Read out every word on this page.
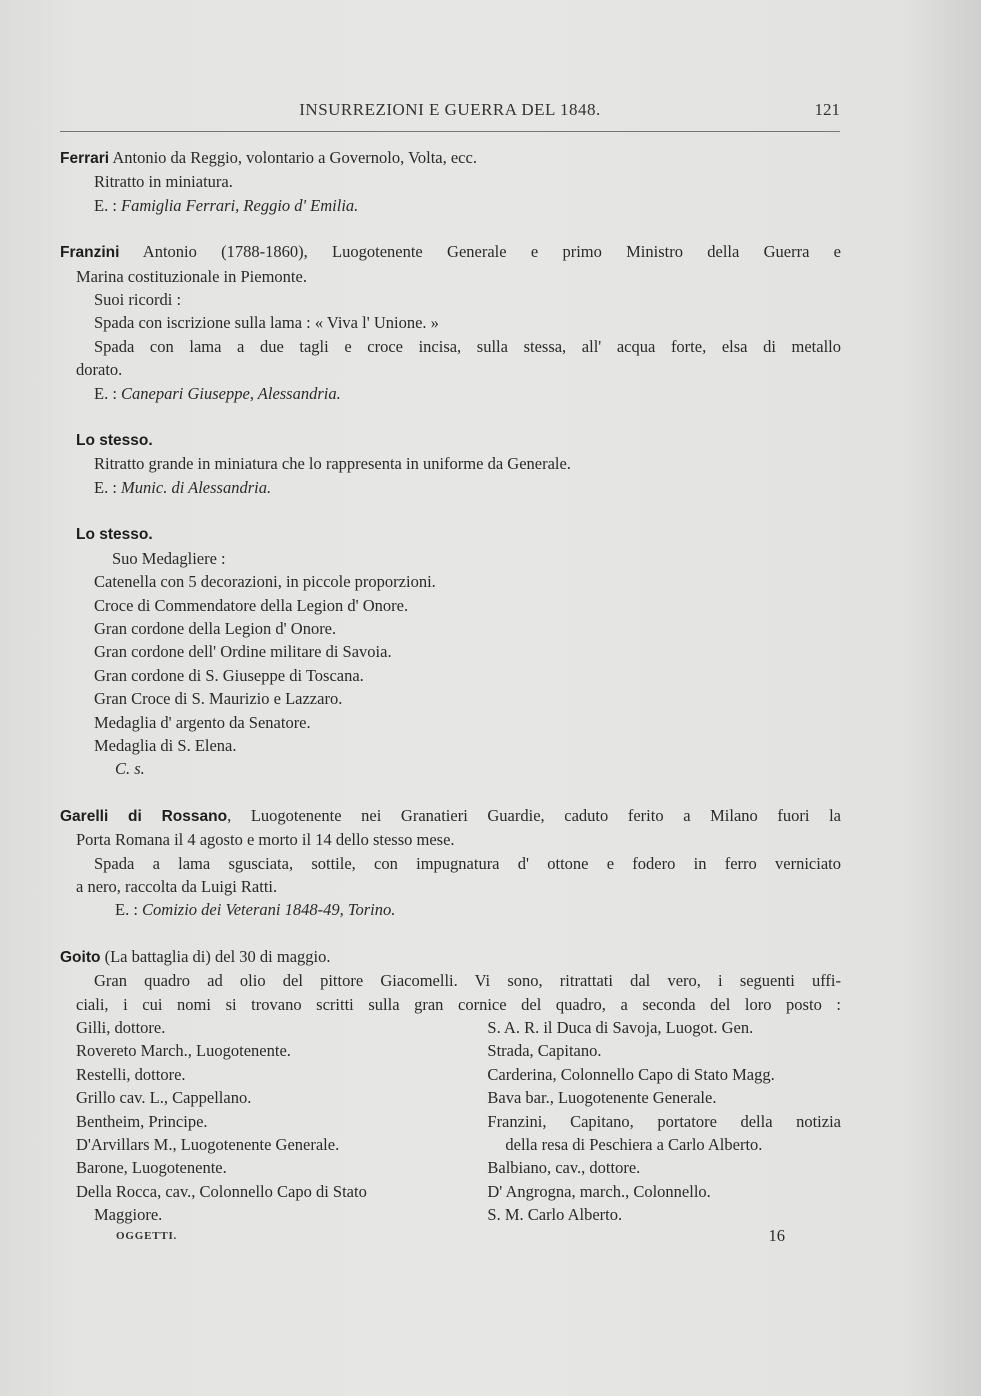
INSURREZIONI E GUERRA DEL 1848.	121
Ferrari Antonio da Reggio, volontario a Governolo, Volta, ecc.
Ritratto in miniatura.
E. : Famiglia Ferrari, Reggio d' Emilia.
Franzini Antonio (1788-1860), Luogotenente Generale e primo Ministro della Guerra e
Marina costituzionale in Piemonte.
Suoi ricordi :
Spada con iscrizione sulla lama : « Viva l' Unione. »
Spada con lama a due tagli e croce incisa, sulla stessa, all' acqua forte, elsa di metallo
dorato.
E. : Canepari Giuseppe, Alessandria.
Lo stesso.
Ritratto grande in miniatura che lo rappresenta in uniforme da Generale.
E. : Munic. di Alessandria.
Lo stesso.
Suo Medagliere :
Catenella con 5 decorazioni, in piccole proporzioni.
Croce di Commendatore della Legion d' Onore.
Gran cordone della Legion d' Onore.
Gran cordone dell' Ordine militare di Savoia.
Gran cordone di S. Giuseppe di Toscana.
Gran Croce di S. Maurizio e Lazzaro.
Medaglia d' argento da Senatore.
Medaglia di S. Elena.
C. s.
Garelli di Rossano, Luogotenente nei Granatieri Guardie, caduto ferito a Milano fuori la
Porta Romana il 4 agosto e morto il 14 dello stesso mese.
Spada a lama sgusciata, sottile, con impugnatura d' ottone e fodero in ferro verniciato
a nero, raccolta da Luigi Ratti.
E. : Comizio dei Veterani 1848-49, Torino.
Goito (La battaglia di) del 30 di maggio.
Gran quadro ad olio del pittore Giacomelli. Vi sono, ritrattati dal vero, i seguenti uffi-
ciali, i cui nomi si trovano scritti sulla gran cornice del quadro, a seconda del loro posto :
Gilli, dottore.
Rovereto March., Luogotenente.
Restelli, dottore.
Grillo cav. L., Cappellano.
Bentheim, Principe.
D'Arvillars M., Luogotenente Generale.
Barone, Luogotenente.
Della Rocca, cav., Colonnello Capo di Stato
Maggiore.
S. A. R. il Duca di Savoja, Luogot. Gen.
Strada, Capitano.
Carderina, Colonnello Capo di Stato Magg.
Bava bar., Luogotenente Generale.
Franzini, Capitano, portatore della notizia
della resa di Peschiera a Carlo Alberto.
Balbiano, cav., dottore.
D' Angrogna, march., Colonnello.
S. M. Carlo Alberto.
OGGETTI.	16
